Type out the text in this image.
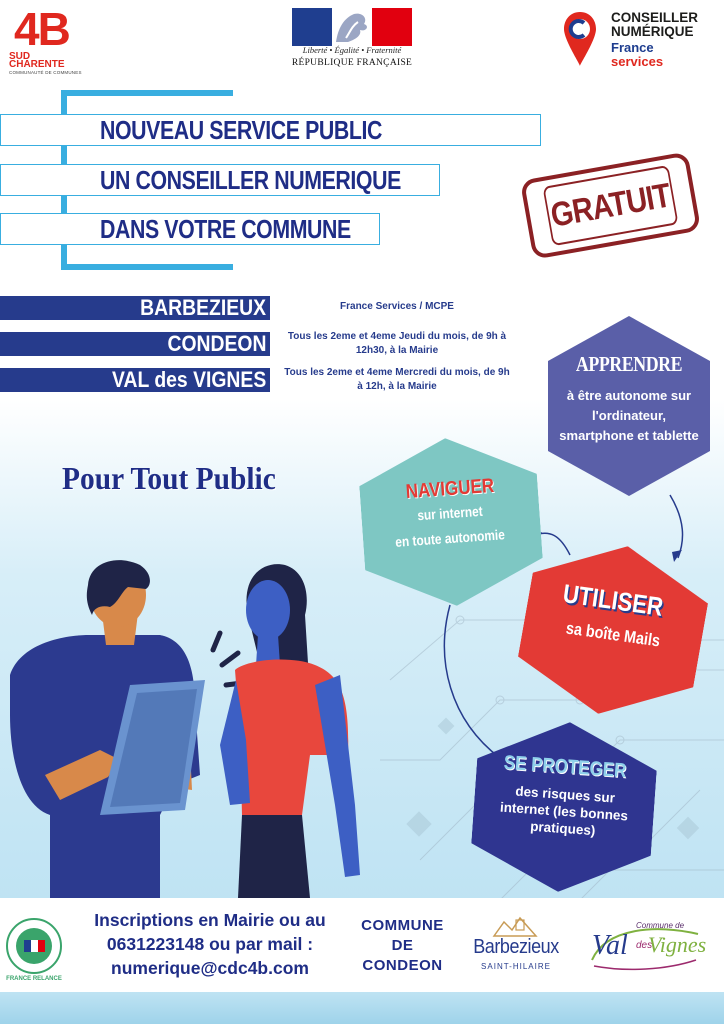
4B
SUD
CHARENTE
COMMUNAUTÉ DE COMMUNES
Liberté • Égalité • Fraternité
RÉPUBLIQUE FRANÇAISE
CONSEILLER
NUMÉRIQUE
France
services
NOUVEAU SERVICE PUBLIC
UN CONSEILLER NUMERIQUE
DANS VOTRE COMMUNE	GRATUIT
BARBEZIEUX
CONDEON
VAL des VIGNES
France Services / MCPE
Tous les 2eme et 4eme Jeudi du mois, de 9h à 12h30, à la Mairie
Tous les 2eme et 4eme Mercredi du mois, de 9h à 12h, à la Mairie
Pour Tout Public
APPRENDRE
à être autonome sur l'ordinateur, smartphone et tablette
NAVIGUER
sur internet
en toute autonomie
UTILISER
sa boîte Mails
SE PROTEGER
des risques sur internet (les bonnes pratiques)
FRANCE RELANCE
Inscriptions en Mairie ou au
0631223148 ou par mail :
numerique@cdc4b.com
COMMUNE
DE
CONDEON
Barbezieux
SAINT-HILAIRE
Commune de
Val des
Vignes
